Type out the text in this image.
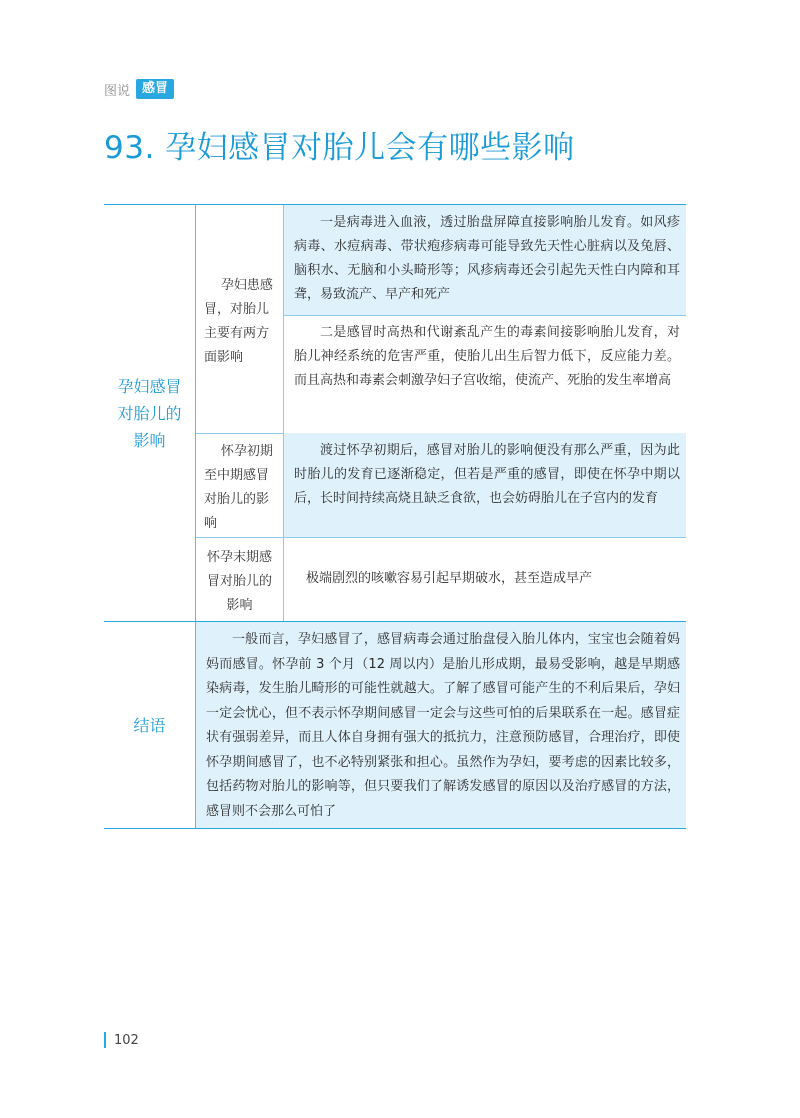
图说 感冒
93. 孕妇感冒对胎儿会有哪些影响
孕妇感冒对胎儿的影响
孕妇患感冒，对胎儿主要有两方面影响
一是病毒进入血液，透过胎盘屏障直接影响胎儿发育。如风疹病毒、水痘病毒、带状疱疹病毒可能导致先天性心脏病以及兔唇、脑积水、无脑和小头畸形等；风疹病毒还会引起先天性白内障和耳聋，易致流产、早产和死产
二是感冒时高热和代谢紊乱产生的毒素间接影响胎儿发育，对胎儿神经系统的危害严重，使胎儿出生后智力低下，反应能力差。而且高热和毒素会刺激孕妇子宫收缩，使流产、死胎的发生率增高
怀孕初期至中期感冒对胎儿的影响
渡过怀孕初期后，感冒对胎儿的影响便没有那么严重，因为此时胎儿的发育已逐渐稳定，但若是严重的感冒，即使在怀孕中期以后，长时间持续高烧且缺乏食欲，也会妨碍胎儿在子宫内的发育
怀孕末期感冒对胎儿的影响
极端剧烈的咳嗽容易引起早期破水，甚至造成早产
结语
一般而言，孕妇感冒了，感冒病毒会通过胎盘侵入胎儿体内，宝宝也会随着妈妈而感冒。怀孕前 3 个月（12 周以内）是胎儿形成期，最易受影响，越是早期感染病毒，发生胎儿畸形的可能性就越大。了解了感冒可能产生的不利后果后，孕妇一定会忧心，但不表示怀孕期间感冒一定会与这些可怕的后果联系在一起。感冒症状有强弱差异，而且人体自身拥有强大的抵抗力，注意预防感冒，合理治疗，即使怀孕期间感冒了，也不必特别紧张和担心。虽然作为孕妇，要考虑的因素比较多，包括药物对胎儿的影响等，但只要我们了解诱发感冒的原因以及治疗感冒的方法，感冒则不会那么可怕了
102
